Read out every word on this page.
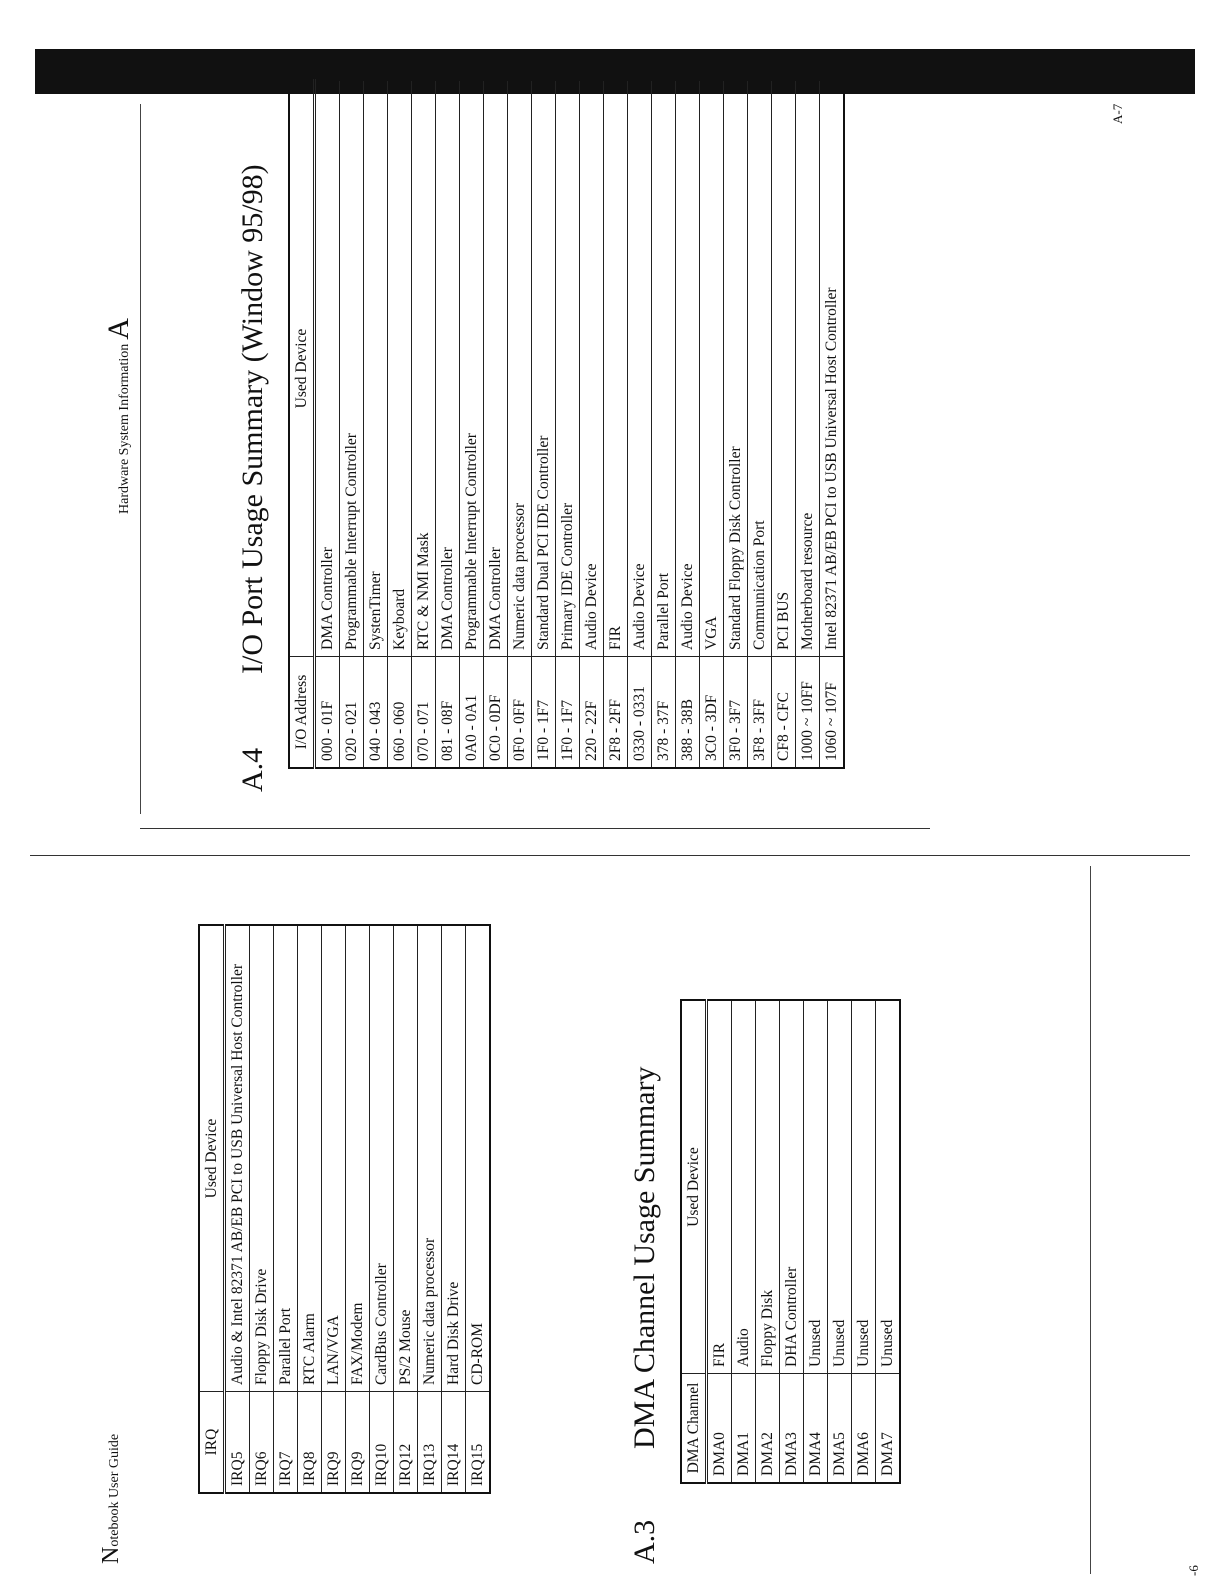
Notebook User Guide	IRQ	Used Device
IRQ5	Audio & Intel 82371 AB/EB PCI to USB Universal Host Controller
IRQ6	Floppy Disk Drive
IRQ7	Parallel Port
IRQ8	RTC Alarm
IRQ9	LAN/VGA
IRQ9	FAX/Modem
IRQ10	CardBus Controller
IRQ12	PS/2 Mouse
IRQ13	Numeric data processor
IRQ14	Hard Disk Drive
IRQ15	CD-ROM
A.3
DMA Channel Usage Summary DMA Channel	Used Device
DMA0	FIR
DMA1	Audio
DMA2	Floppy Disk
DMA3	DHA Controller
DMA4	Unused
DMA5	Unused
DMA6	Unused
DMA7	Unused
-6
Hardware System Information A
A.4
I/O Port Usage Summary (Window 95/98)
I/O Address	Used Device
000 - 01F	DMA Controller
020 - 021	Programmable Interrupt Controller
040 - 043	SystenTimer
060 - 060	Keyboard
070 - 071	RTC & NMI Mask
081 - 08F	DMA Controller
0A0 - 0A1	Programmable Interrupt Controller
0C0 - 0DF	DMA Controller
0F0 - 0FF	Numeric data processor
1F0 - 1F7	Standard Dual PCI IDE Controller
1F0 - 1F7	Primary IDE Controller
220 - 22F	Audio Device
2F8 - 2FF	FIR
0330 - 0331	Audio Device
378 - 37F	Parallel Port
388 - 38B	Audio Device
3C0 - 3DF	VGA
3F0 - 3F7	Standard Floppy Disk Controller
3F8 - 3FF	Communication Port
CF8 - CFC	PCI BUS
1000 ~ 10FF	Motherboard resource
1060 ~ 107F	Intel 82371 AB/EB PCI to USB Universal Host Controller
A-7
